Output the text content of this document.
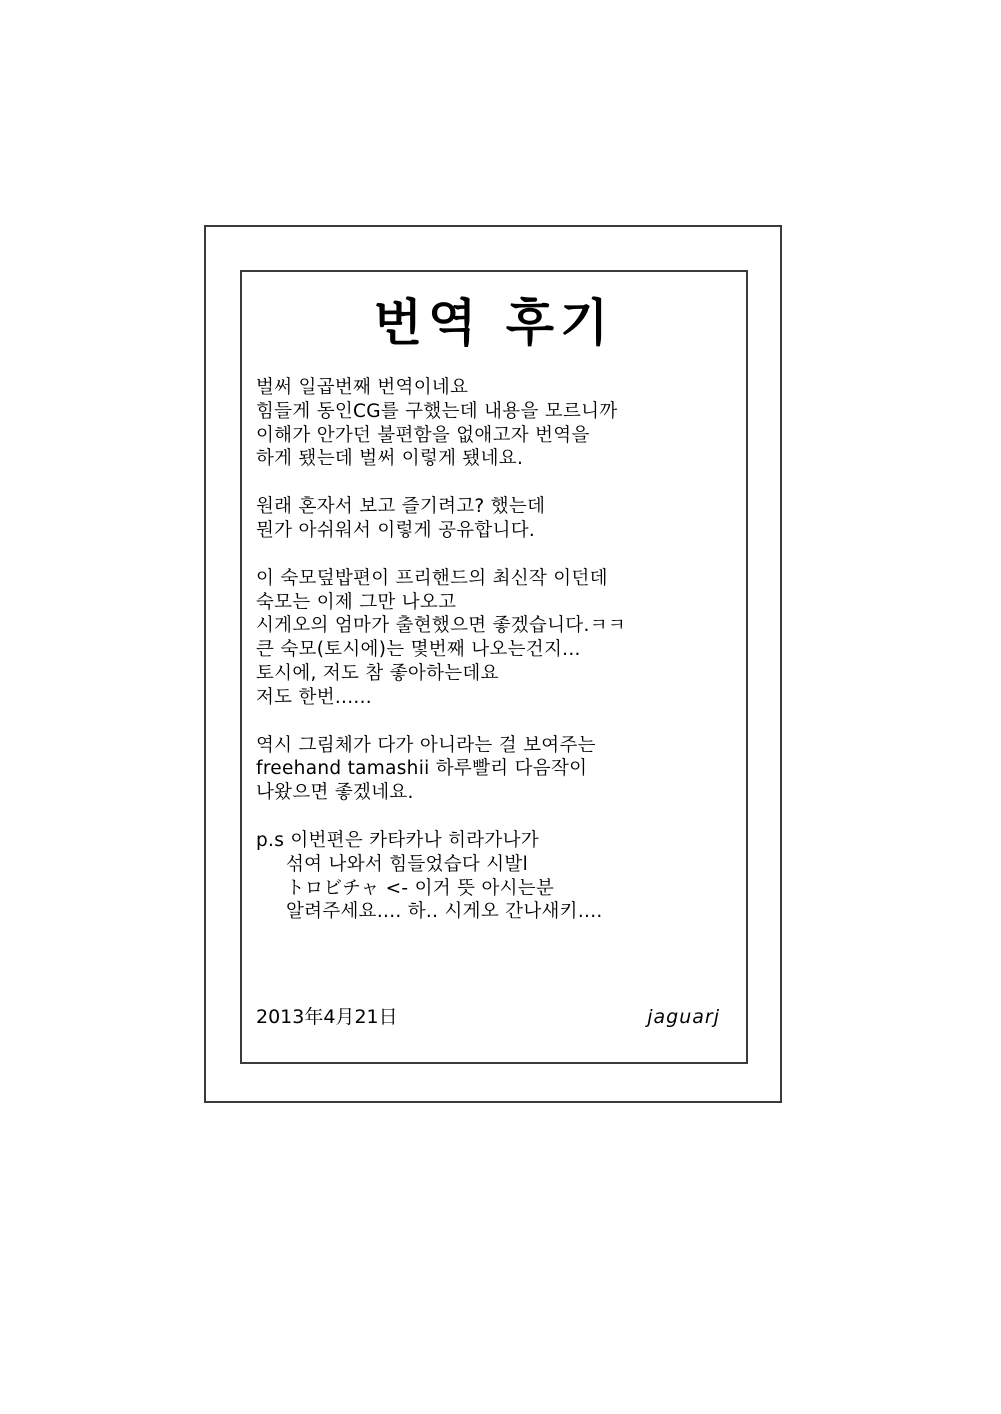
번역 후기
벌써 일곱번째 번역이네요
힘들게 동인CG를 구했는데 내용을 모르니까
이해가 안가던 불편함을 없애고자 번역을
하게 됐는데 벌써 이렇게 됐네요.
원래 혼자서 보고 즐기려고? 했는데
뭔가 아쉬워서 이렇게 공유합니다.
이 숙모덮밥편이 프리핸드의 최신작 이던데
숙모는 이제 그만 나오고
시게오의 엄마가 출현했으면 좋겠습니다.ㅋㅋ
큰 숙모(토시에)는 몇번째 나오는건지...
토시에, 저도 참 좋아하는데요
저도 한번......
역시 그림체가 다가 아니라는 걸 보여주는
freehand tamashii 하루빨리 다음작이
나왔으면 좋겠네요.
p.s 이번편은 카타카나 히라가나가
섞여 나와서 힘들었습다 시발l
トロビチャ <- 이거 뜻 아시는분
알려주세요.... 하.. 시게오 간나새키....
2013年4月21日	jaguarj
